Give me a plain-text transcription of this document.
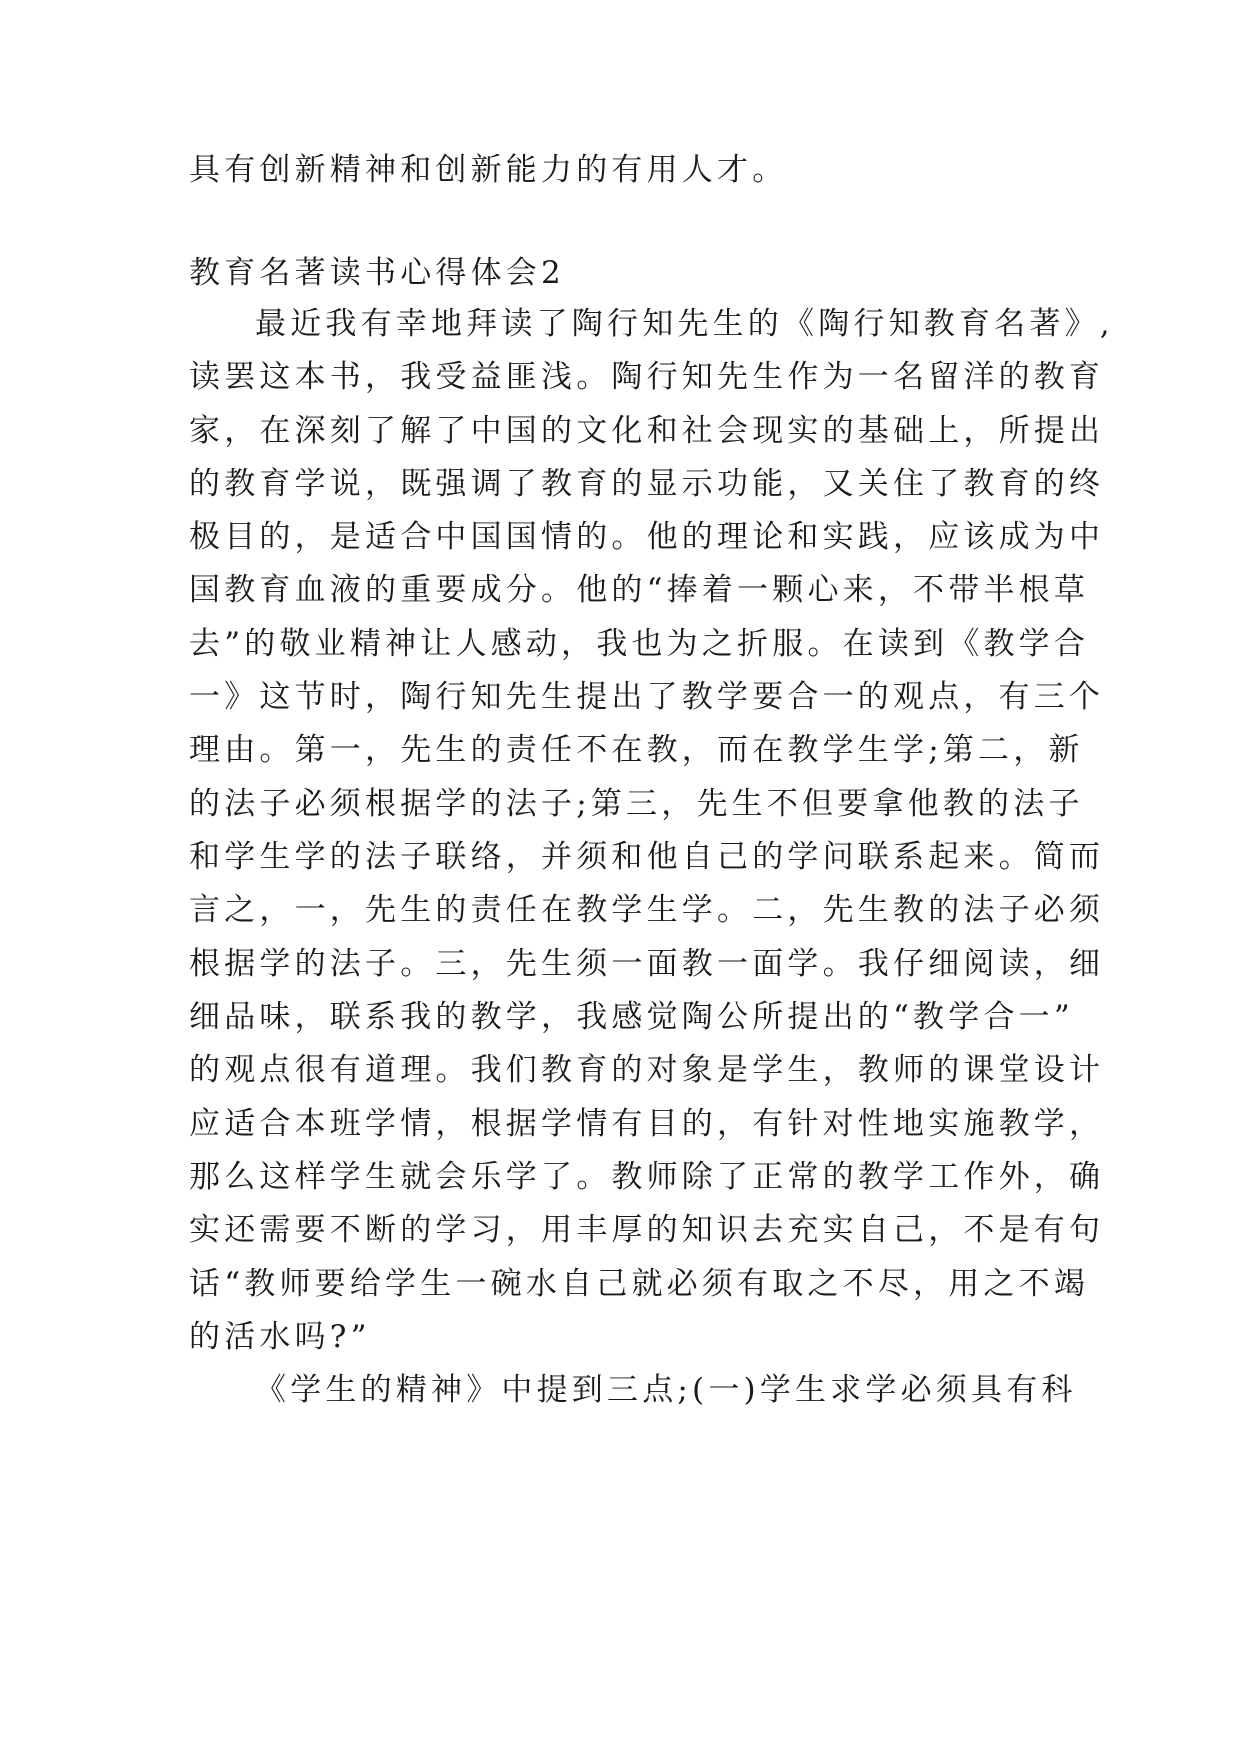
具有创新精神和创新能力的有用人才。
教育名著读书心得体会2
最近我有幸地拜读了陶行知先生的《陶行知教育名著》,
读罢这本书，我受益匪浅。陶行知先生作为一名留洋的教育
家，在深刻了解了中国的文化和社会现实的基础上，所提出
的教育学说，既强调了教育的显示功能，又关住了教育的终
极目的，是适合中国国情的。他的理论和实践，应该成为中
国教育血液的重要成分。他的“捧着一颗心来，不带半根草
去”的敬业精神让人感动，我也为之折服。在读到《教学合
一》这节时，陶行知先生提出了教学要合一的观点，有三个
理由。第一，先生的责任不在教，而在教学生学;第二，新
的法子必须根据学的法子;第三，先生不但要拿他教的法子
和学生学的法子联络，并须和他自己的学问联系起来。简而
言之，一，先生的责任在教学生学。二，先生教的法子必须
根据学的法子。三，先生须一面教一面学。我仔细阅读，细
细品味，联系我的教学，我感觉陶公所提出的“教学合一”
的观点很有道理。我们教育的对象是学生，教师的课堂设计
应适合本班学情，根据学情有目的，有针对性地实施教学，
那么这样学生就会乐学了。教师除了正常的教学工作外，确
实还需要不断的学习，用丰厚的知识去充实自己，不是有句
话“教师要给学生一碗水自己就必须有取之不尽，用之不竭
的活水吗?”
《学生的精神》中提到三点;(一)学生求学必须具有科
